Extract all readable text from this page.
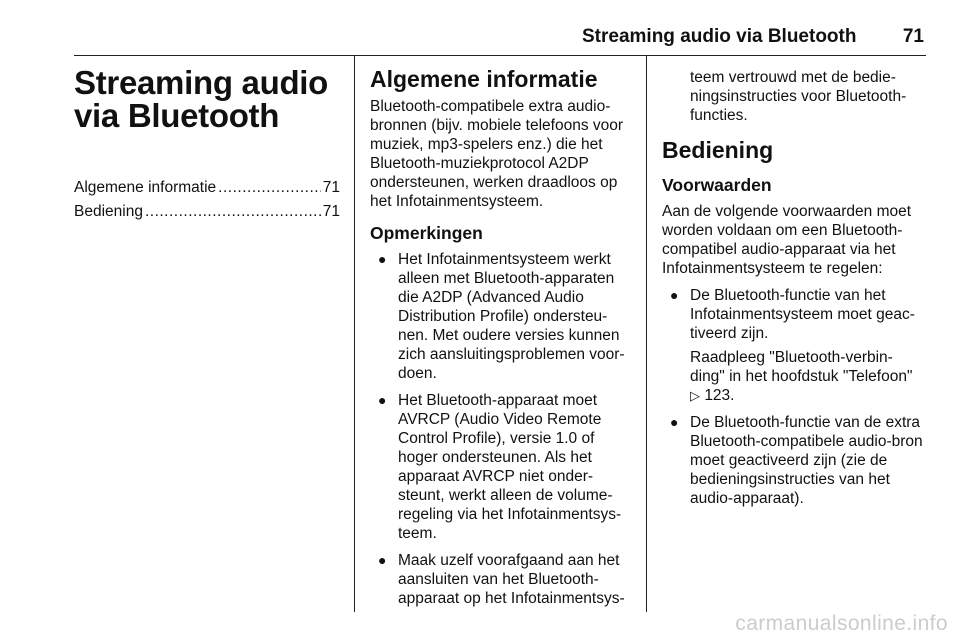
Streaming audio via Bluetooth 71
Streaming audio via Bluetooth
Algemene informatie .....	71
Bediening .....	71
Algemene informatie

Bluetooth-compatibele extra audio-bronnen (bijv. mobiele telefoons voor muziek, mp3-spelers enz.) die het Bluetooth-muziekprotocol A2DP ondersteunen, werken draadloos op het Infotainmentsysteem.

Opmerkingen
● Het Infotainmentsysteem werkt alleen met Bluetooth-apparaten die A2DP (Advanced Audio Distribution Profile) ondersteu-nen. Met oudere versies kunnen zich aansluitingsproblemen voor-doen.
● Het Bluetooth-apparaat moet AVRCP (Audio Video Remote Control Profile), versie 1.0 of hoger ondersteunen. Als het apparaat AVRCP niet onder-steunt, werkt alleen de volume-regeling via het Infotainmentsys-teem.
● Maak uzelf voorafgaand aan het aansluiten van het Bluetooth-apparaat op het Infotainmentsys-

teem vertrouwd met de bedie-ningsinstructies voor Bluetooth-functies.

Bediening
Voorwaarden

Aan de volgende voorwaarden moet worden voldaan om een Bluetooth-compatibel audio-apparaat via het Infotainmentsysteem te regelen:

● De Bluetooth-functie van het Infotainmentsysteem moet geac-tiveerd zijn.

Raadpleeg "Bluetooth-verbin-ding" in het hoofdstuk "Telefoon"
▷ 123.

● De Bluetooth-functie van de extra Bluetooth-compatibele audio-bron moet geactiveerd zijn (zie de bedieningsinstructies van het audio-apparaat).
carmanualsonline.info
